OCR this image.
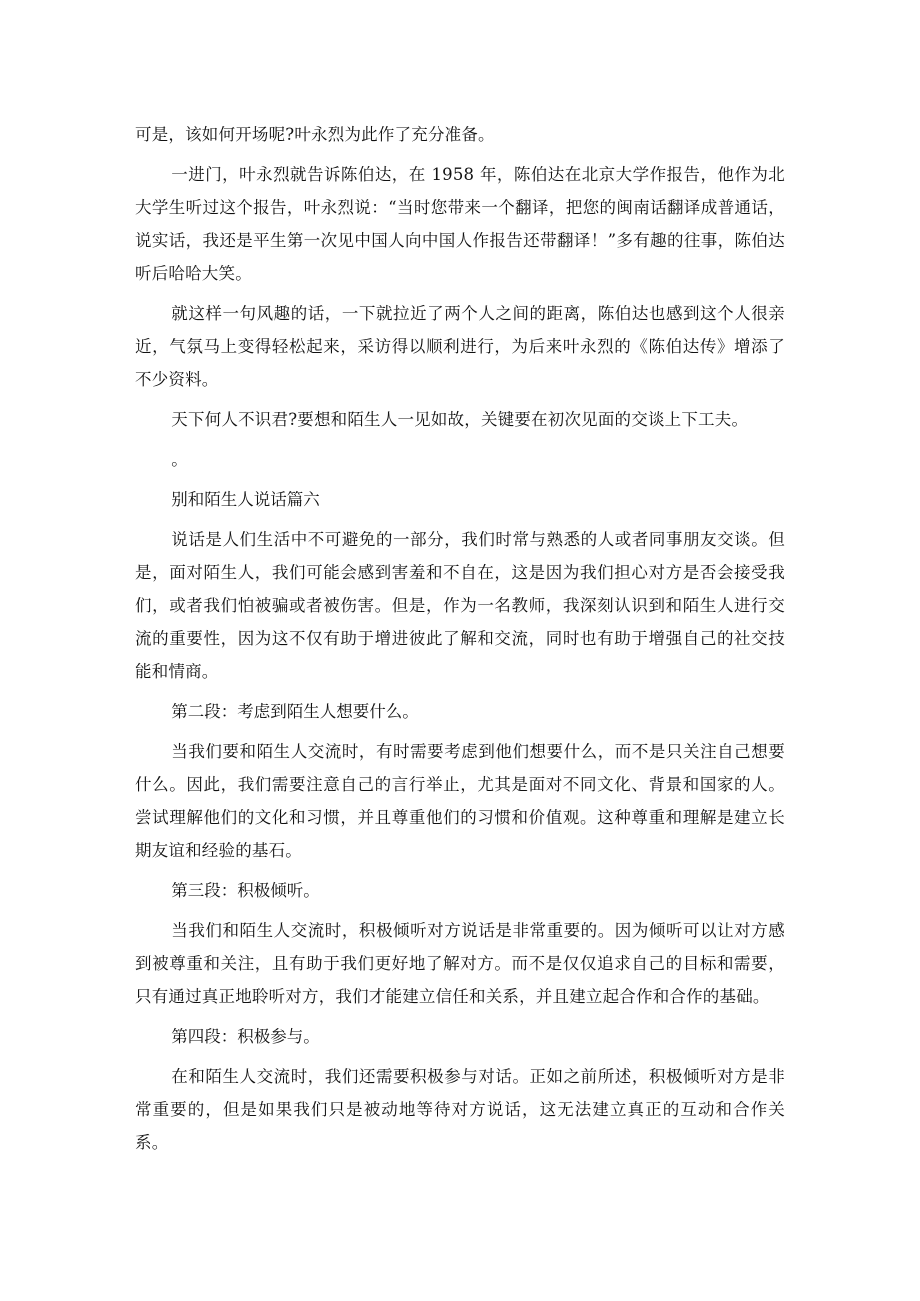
可是，该如何开场呢?叶永烈为此作了充分准备。

一进门，叶永烈就告诉陈伯达，在 1958 年，陈伯达在北京大学作报告，他作为北大学生听过这个报告，叶永烈说：“当时您带来一个翻译，把您的闽南话翻译成普通话，说实话，我还是平生第一次见中国人向中国人作报告还带翻译！”多有趣的往事，陈伯达听后哈哈大笑。

就这样一句风趣的话，一下就拉近了两个人之间的距离，陈伯达也感到这个人很亲近，气氛马上变得轻松起来，采访得以顺利进行，为后来叶永烈的《陈伯达传》增添了不少资料。

天下何人不识君?要想和陌生人一见如故，关键要在初次见面的交谈上下工夫。

。

别和陌生人说话篇六

说话是人们生活中不可避免的一部分，我们时常与熟悉的人或者同事朋友交谈。但是，面对陌生人，我们可能会感到害羞和不自在，这是因为我们担心对方是否会接受我们，或者我们怕被骗或者被伤害。但是，作为一名教师，我深刻认识到和陌生人进行交流的重要性，因为这不仅有助于增进彼此了解和交流，同时也有助于增强自己的社交技能和情商。

第二段：考虑到陌生人想要什么。

当我们要和陌生人交流时，有时需要考虑到他们想要什么，而不是只关注自己想要什么。因此，我们需要注意自己的言行举止，尤其是面对不同文化、背景和国家的人。尝试理解他们的文化和习惯，并且尊重他们的习惯和价值观。这种尊重和理解是建立长期友谊和经验的基石。

第三段：积极倾听。

当我们和陌生人交流时，积极倾听对方说话是非常重要的。因为倾听可以让对方感到被尊重和关注，且有助于我们更好地了解对方。而不是仅仅追求自己的目标和需要，只有通过真正地聆听对方，我们才能建立信任和关系，并且建立起合作和合作的基础。

第四段：积极参与。

在和陌生人交流时，我们还需要积极参与对话。正如之前所述，积极倾听对方是非常重要的，但是如果我们只是被动地等待对方说话，这无法建立真正的互动和合作关系。
